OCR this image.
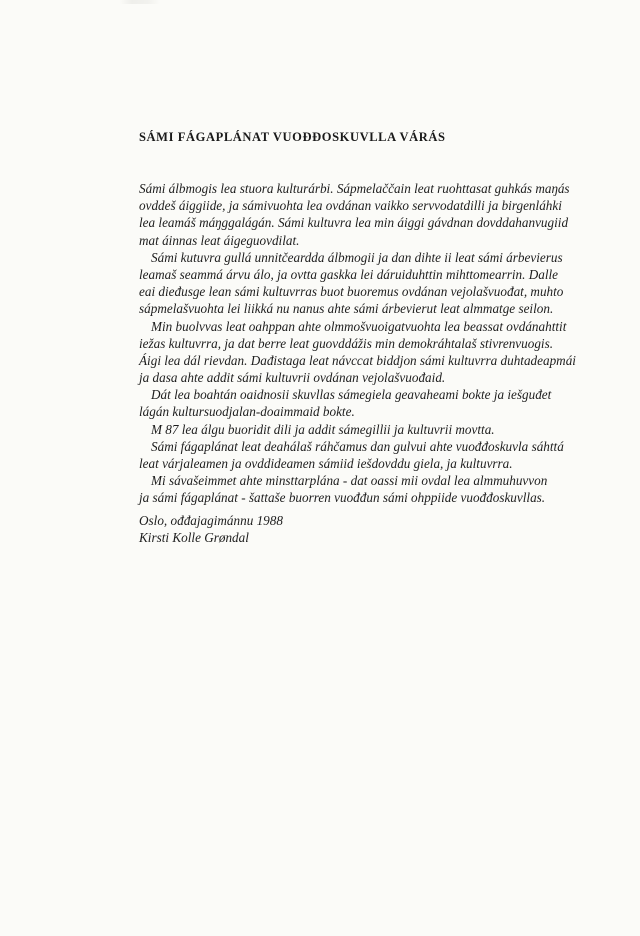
SÁMI FÁGAPLÁNAT VUOĐĐOSKUVLLA VÁRÁS
Sámi álbmogis lea stuora kulturárbi. Sápmelaččain leat ruohttasat guhkás maŋás
ovddeš áiggiide, ja sámivuohta lea ovdánan vaikko servvodatdilli ja birgenláhki
lea leamáš máŋggalágán. Sámi kultuvra lea min áiggi gávdnan dovddahanvugiid
mat áinnas leat áigeguovdilat.
Sámi kutuvra gullá unnitčeardda álbmogii ja dan dihte ii leat sámi árbevierus
leamaš seammá árvu álo, ja ovtta gaskka lei dáruiduhttin mihttomearrin. Dalle
eai dieđusge lean sámi kultuvrras buot buoremus ovdánan vejolašvuođat, muhto
sápmelašvuohta lei liikká nu nanus ahte sámi árbevierut leat almmatge seilon.
Min buolvvas leat oahppan ahte olmmošvuoigatvuohta lea beassat ovdánahttit
iežas kultuvrra, ja dat berre leat guovddážis min demokráhtalaš stivrenvuogis.
Áigi lea dál rievdan. Dađistaga leat návccat biddjon sámi kultuvrra duhtadeapmái
ja dasa ahte addit sámi kultuvrii ovdánan vejolašvuođaid.
Dát lea boahtán oaidnosii skuvllas sámegiela geavaheami bokte ja iešguđet
lágán kultursuodjalan-doaimmaid bokte.
M 87 lea álgu buoridit dili ja addit sámegillii ja kultuvrii movtta.
Sámi fágaplánat leat deahálaš ráhčamus dan gulvui ahte vuođđoskuvla sáhttá
leat várjaleamen ja ovddideamen sámiid iešdovddu giela, ja kultuvrra.
Mi sávašeimmet ahte minsttarplána - dat oassi mii ovdal lea almmuhuvvon
ja sámi fágaplánat - šattaše buorren vuođđun sámi ohppiide vuođđoskuvllas.
Oslo, ođđajagimánnu 1988
Kirsti Kolle Grøndal
